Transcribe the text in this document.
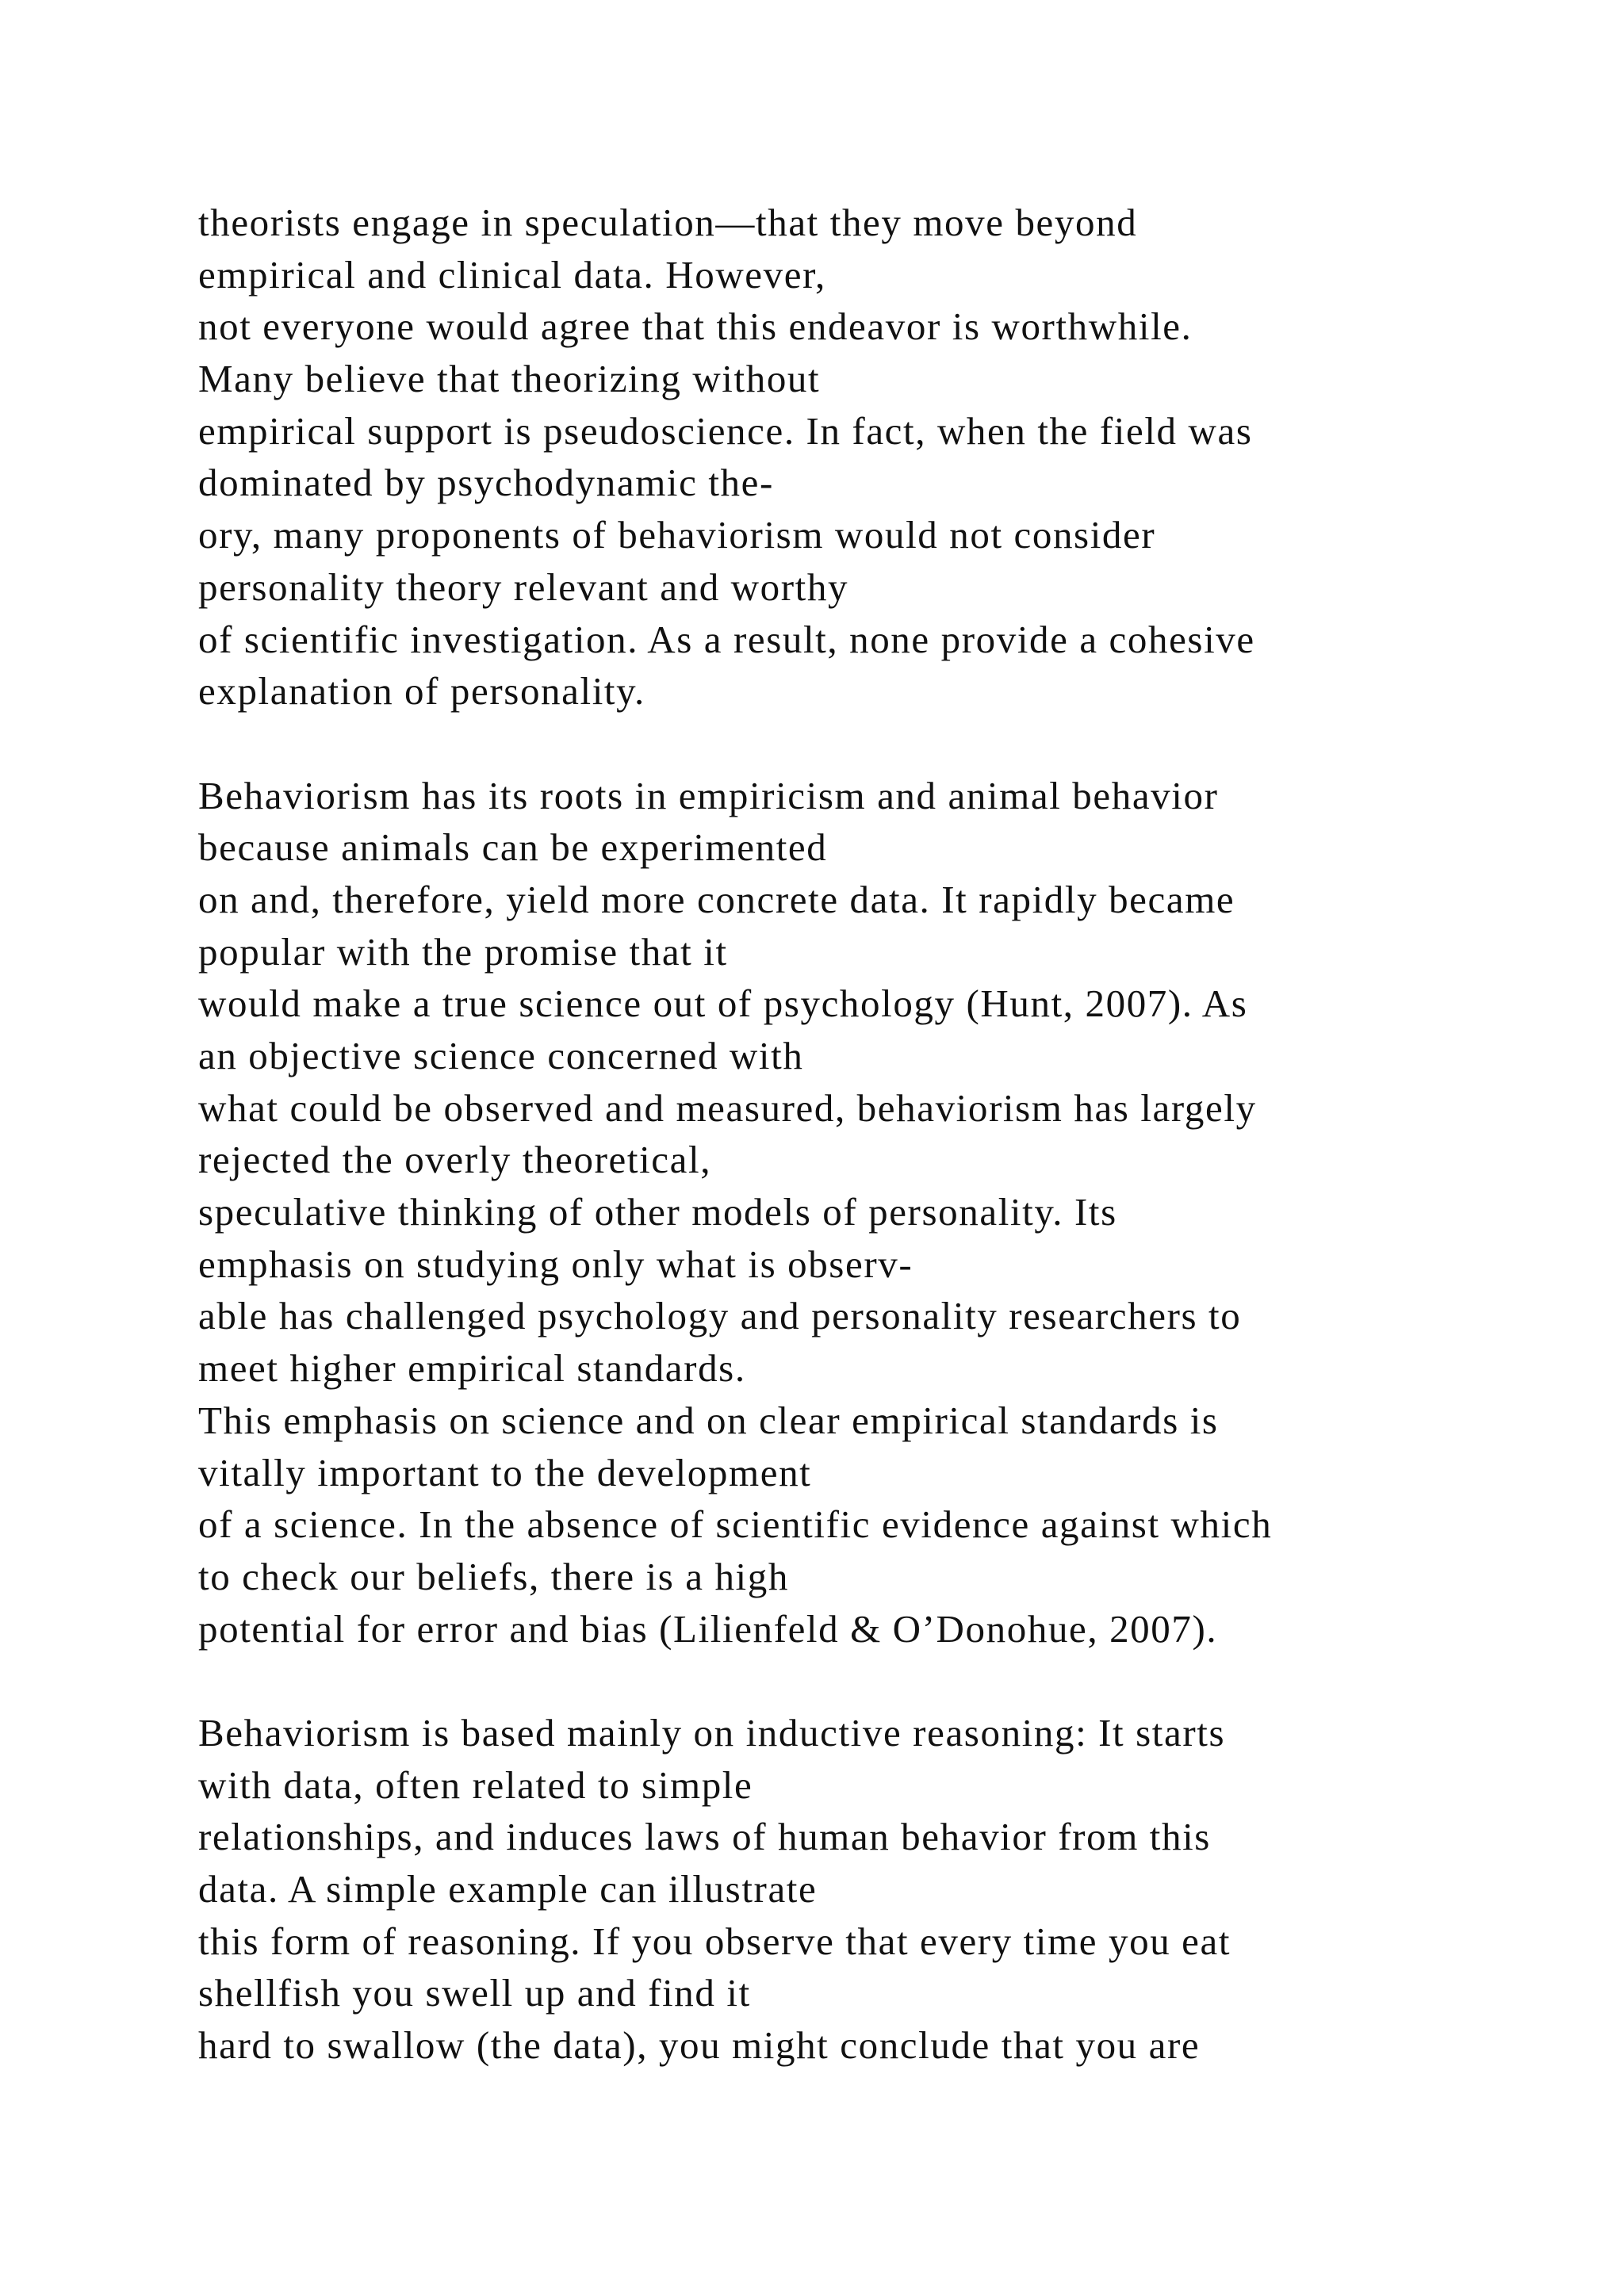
theorists engage in speculation—that they move beyond
empirical and clinical data. However,
not everyone would agree that this endeavor is worthwhile.
Many believe that theorizing without
empirical support is pseudoscience. In fact, when the field was
dominated by psychodynamic the-
ory, many proponents of behaviorism would not consider
personality theory relevant and worthy
of scientific investigation. As a result, none provide a cohesive
explanation of personality.
Behaviorism has its roots in empiricism and animal behavior
because animals can be experimented
on and, therefore, yield more concrete data. It rapidly became
popular with the promise that it
would make a true science out of psychology (Hunt, 2007). As
an objective science concerned with
what could be observed and measured, behaviorism has largely
rejected the overly theoretical,
speculative thinking of other models of personality. Its
emphasis on studying only what is observ-
able has challenged psychology and personality researchers to
meet higher empirical standards.
This emphasis on science and on clear empirical standards is
vitally important to the development
of a science. In the absence of scientific evidence against which
to check our beliefs, there is a high
potential for error and bias (Lilienfeld & O’Donohue, 2007).
Behaviorism is based mainly on inductive reasoning: It starts
with data, often related to simple
relationships, and induces laws of human behavior from this
data. A simple example can illustrate
this form of reasoning. If you observe that every time you eat
shellfish you swell up and find it
hard to swallow (the data), you might conclude that you are
